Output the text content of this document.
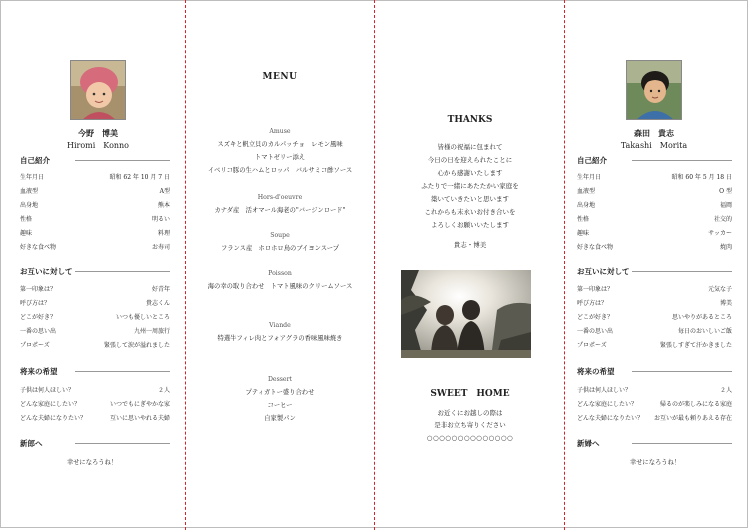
今野　博美
Hiromi　Konno
自己紹介
生年月日	昭和 62 年 10 月 7 日
血液型	A型
出身地	熊本
性格	明るい
趣味	料理
好きな食べ物	お寿司
お互いに対して
第一印象は？	好青年
呼び方は？	貴志くん
どこが好き？	いつも優しいところ
一番の思い出	九州一周旅行
プロポーズ	緊張して涙が溢れました
将来の希望
子供は何人ほしい？	２人
どんな家庭にしたい？	いつでもにぎやかな家
どんな夫婦になりたい？	互いに思いやれる夫婦
新郎へ
幸せになろうね！
MENU
Amuse
スズキと帆立貝のカルパッチョ　レモン風味
トマトゼリー添え
イベリコ豚の生ハムとロッパ　バルサミコ酢ソース
Hors-d'oeuvre
カナダ産　活オマール海老の"バージンロード"
Soupe
フランス産　ホロホロ鳥のブイヨンスープ
Poisson
海の幸の取り合わせ　トマト風味のクリームソース
Viande
特選牛フィレ肉とフォアグラの香味風味焼き
Dessert
プティガトー盛り合わせ
コーヒー
自家製パン
THANKS
皆様の祝福に包まれて
今日の日を迎えられたことに
心から感謝いたします
ふたりで一緒にあたたかい家庭を
築いていきたいと思います
これからも末永いお付き合いを
よろしくお願いいたします
貴志・博美
SWEET　HOME
お近くにお越しの際は
是非お立ち寄りください
○○○○○○○○○○○○○○
森田　貴志
Takashi　Morita
自己紹介
生年月日	昭和 60 年 5 月 18 日
血液型	O 型
出身地	福岡
性格	社交的
趣味	サッカー
好きな食べ物	焼肉
お互いに対して
第一印象は？	元気な子
呼び方は？	博美
どこが好き？	思いやりがあるところ
一番の思い出	毎日のおいしいご飯
プロポーズ	緊張しすぎて汗かきました
将来の希望
子供は何人ほしい？	２人
どんな家庭にしたい？	帰るのが楽しみになる家庭
どんな夫婦になりたい？ お互いが最も頼りあえる存在
新婦へ
幸せになろうね！
